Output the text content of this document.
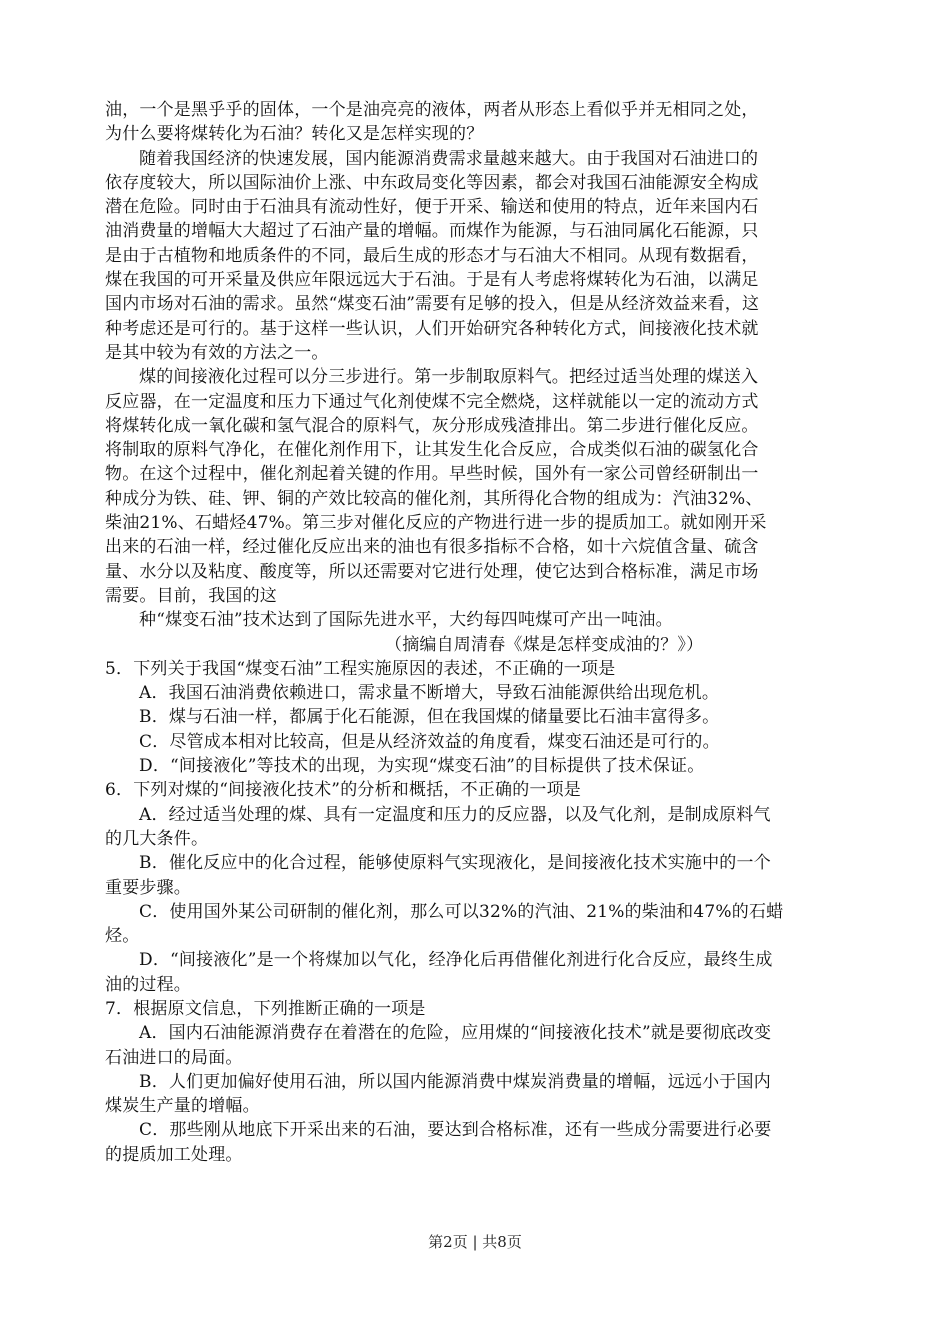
油，一个是黑乎乎的固体，一个是油亮亮的液体，两者从形态上看似乎并无相同之处，
为什么要将煤转化为石油？转化又是怎样实现的？
随着我国经济的快速发展，国内能源消费需求量越来越大。由于我国对石油进口的
依存度较大，所以国际油价上涨、中东政局变化等因素，都会对我国石油能源安全构成
潜在危险。同时由于石油具有流动性好，便于开采、输送和使用的特点，近年来国内石
油消费量的增幅大大超过了石油产量的增幅。而煤作为能源，与石油同属化石能源，只
是由于古植物和地质条件的不同，最后生成的形态才与石油大不相同。从现有数据看，
煤在我国的可开采量及供应年限远远大于石油。于是有人考虑将煤转化为石油，以满足
国内市场对石油的需求。虽然“煤变石油”需要有足够的投入，但是从经济效益来看，这
种考虑还是可行的。基于这样一些认识，人们开始研究各种转化方式，间接液化技术就
是其中较为有效的方法之一。
煤的间接液化过程可以分三步进行。第一步制取原料气。把经过适当处理的煤送入
反应器，在一定温度和压力下通过气化剂使煤不完全燃烧，这样就能以一定的流动方式
将煤转化成一氧化碳和氢气混合的原料气，灰分形成残渣排出。第二步进行催化反应。
将制取的原料气净化，在催化剂作用下，让其发生化合反应，合成类似石油的碳氢化合
物。在这个过程中，催化剂起着关键的作用。早些时候，国外有一家公司曾经研制出一
种成分为铁、硅、钾、铜的产效比较高的催化剂，其所得化合物的组成为：汽油32%、
柴油21%、石蜡烃47%。第三步对催化反应的产物进行进一步的提质加工。就如刚开采
出来的石油一样，经过催化反应出来的油也有很多指标不合格，如十六烷值含量、硫含
量、水分以及粘度、酸度等，所以还需要对它进行处理，使它达到合格标准，满足市场
需要。目前，我国的这
种“煤变石油”技术达到了国际先进水平，大约每四吨煤可产出一吨油。
（摘编自周清春《煤是怎样变成油的？》）
5．下列关于我国“煤变石油”工程实施原因的表述，不正确的一项是
A．我国石油消费依赖进口，需求量不断增大，导致石油能源供给出现危机。
B．煤与石油一样，都属于化石能源，但在我国煤的储量要比石油丰富得多。
C．尽管成本相对比较高，但是从经济效益的角度看，煤变石油还是可行的。
D．“间接液化”等技术的出现，为实现“煤变石油”的目标提供了技术保证。
6．下列对煤的“间接液化技术”的分析和概括，不正确的一项是
A．经过适当处理的煤、具有一定温度和压力的反应器，以及气化剂，是制成原料气
的几大条件。
B．催化反应中的化合过程，能够使原料气实现液化，是间接液化技术实施中的一个
重要步骤。
C．使用国外某公司研制的催化剂，那么可以32%的汽油、21%的柴油和47%的石蜡
烃。
D．“间接液化”是一个将煤加以气化，经净化后再借催化剂进行化合反应，最终生成
油的过程。
7．根据原文信息，下列推断正确的一项是
A．国内石油能源消费存在着潜在的危险，应用煤的“间接液化技术”就是要彻底改变
石油进口的局面。
B．人们更加偏好使用石油，所以国内能源消费中煤炭消费量的增幅，远远小于国内
煤炭生产量的增幅。
C．那些刚从地底下开采出来的石油，要达到合格标准，还有一些成分需要进行必要
的提质加工处理。
第2页 | 共8页
